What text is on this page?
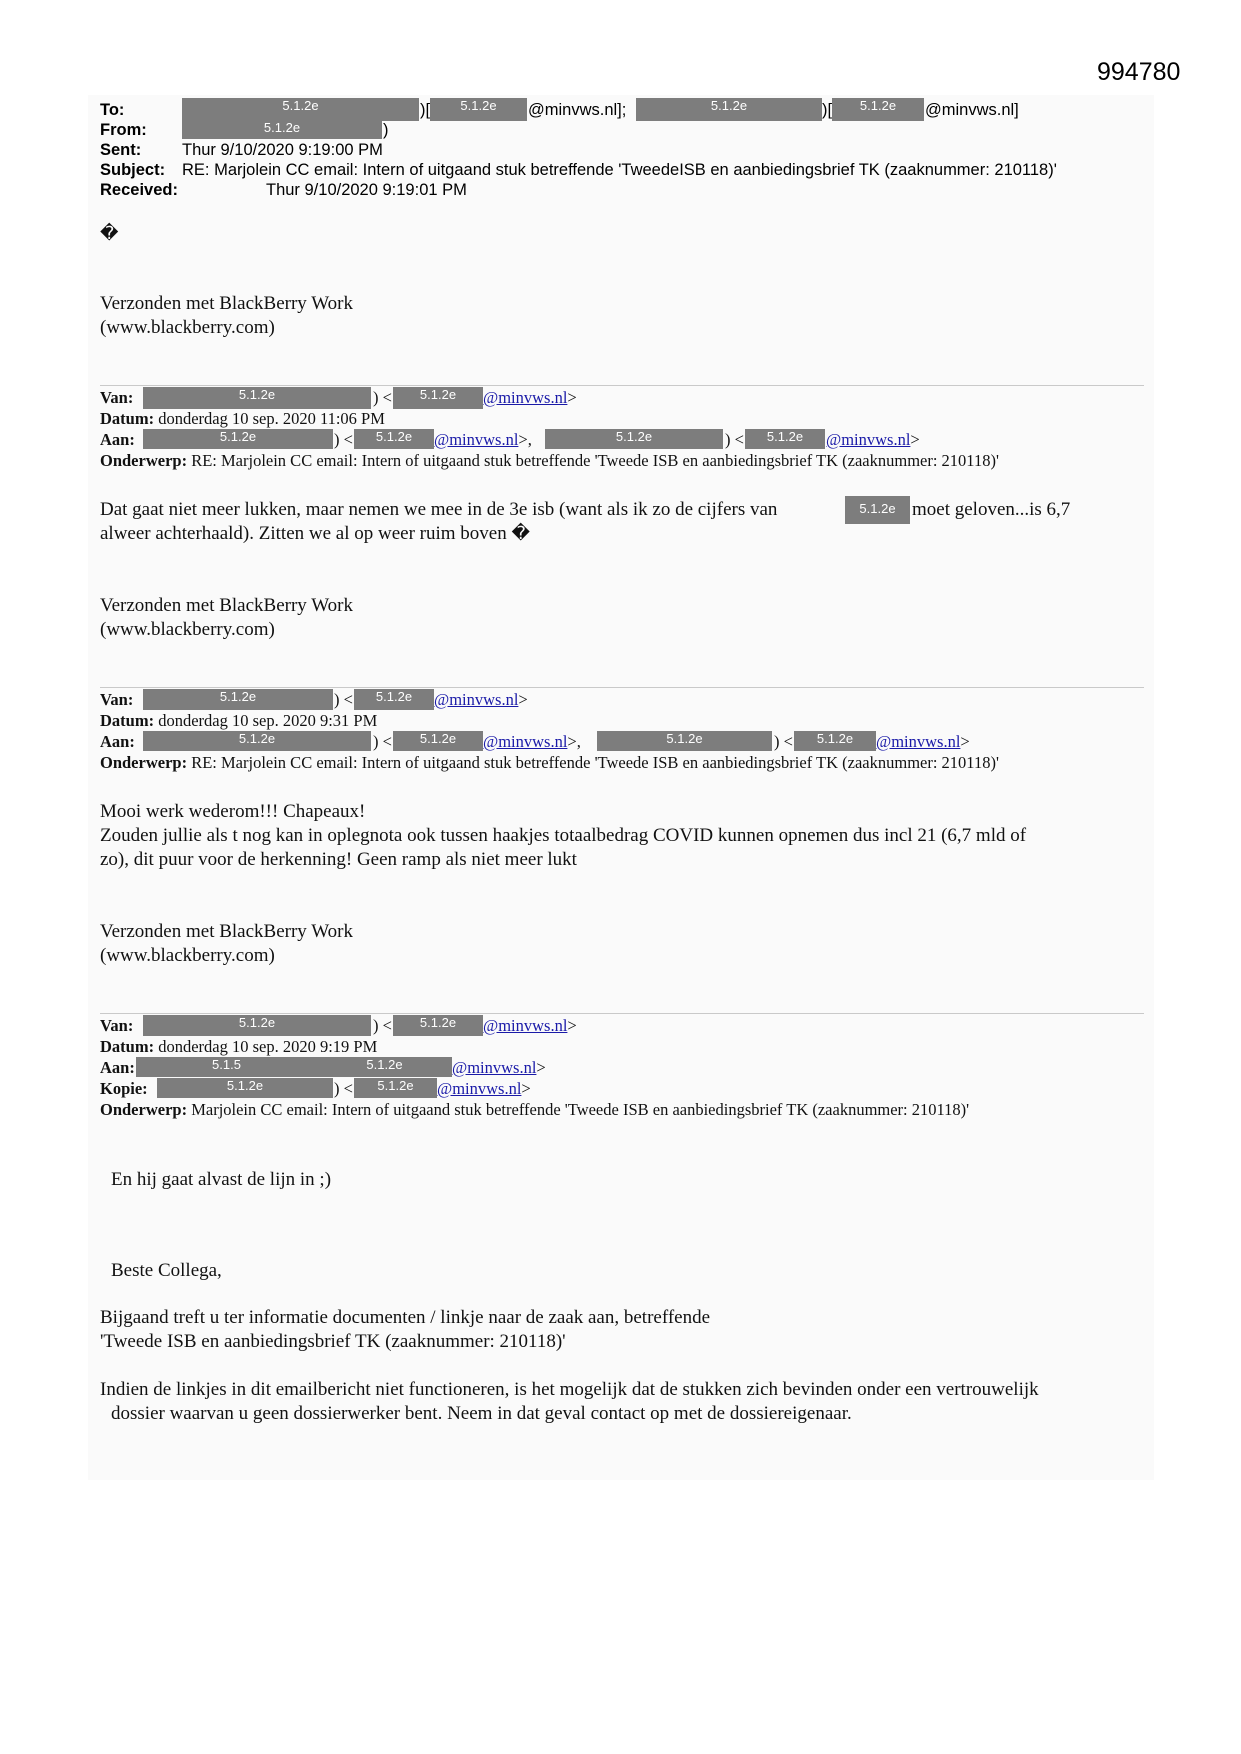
994780
To:	5.1.2e	)[	5.1.2e	@minvws.nl];	5.1.2e	)[	5.1.2e	@minvws.nl]
From:	5.1.2e	)
Sent: Thur 9/10/2020 9:19:00 PM
Subject: RE: Marjolein CC email: Intern of uitgaand stuk betreffende 'TweedeISB en aanbiedingsbrief TK (zaaknummer: 210118)'
Received:	Thur 9/10/2020 9:19:01 PM
�
Verzonden met BlackBerry Work
(www.blackberry.com)
Van:	5.1.2e	) <	5.1.2e	@minvws.nl>
Datum: donderdag 10 sep. 2020 11:06 PM
Aan:	5.1.2e	) <	5.1.2e	@minvws.nl>,	5.1.2e	) <	5.1.2e	@minvws.nl>
Onderwerp: RE: Marjolein CC email: Intern of uitgaand stuk betreffende 'Tweede ISB en aanbiedingsbrief TK (zaaknummer: 210118)'
Dat gaat niet meer lukken, maar nemen we mee in de 3e isb (want als ik zo de cijfers van	5.1.2e moet geloven...is 6,7
alweer achterhaald). Zitten we al op weer ruim boven �
Verzonden met BlackBerry Work
(www.blackberry.com)
Van:	5.1.2e	) <	5.1.2e	@minvws.nl>
Datum: donderdag 10 sep. 2020 9:31 PM
Aan:	5.1.2e	) <	5.1.2e	@minvws.nl>,	5.1.2e	) <	5.1.2e	@minvws.nl>
Onderwerp: RE: Marjolein CC email: Intern of uitgaand stuk betreffende 'Tweede ISB en aanbiedingsbrief TK (zaaknummer: 210118)'
Mooi werk wederom!!! Chapeaux!
Zouden jullie als t nog kan in oplegnota ook tussen haakjes totaalbedrag COVID kunnen opnemen dus incl 21 (6,7 mld of
zo), dit puur voor de herkenning! Geen ramp als niet meer lukt
Verzonden met BlackBerry Work
(www.blackberry.com)
Van:	5.1.2e	) <	5.1.2e	@minvws.nl>
Datum: donderdag 10 sep. 2020 9:19 PM
Aan:	5.1.5	5.1.2e	@minvws.nl>
Kopie:	5.1.2e	) <	5.1.2e	@minvws.nl>
Onderwerp: Marjolein CC email: Intern of uitgaand stuk betreffende 'Tweede ISB en aanbiedingsbrief TK (zaaknummer: 210118)'
En hij gaat alvast de lijn in ;)
Beste Collega,
Bijgaand treft u ter informatie documenten / linkje naar de zaak aan, betreffende
'Tweede ISB en aanbiedingsbrief TK (zaaknummer: 210118)'
Indien de linkjes in dit emailbericht niet functioneren, is het mogelijk dat de stukken zich bevinden onder een vertrouwelijk
dossier waarvan u geen dossierwerker bent. Neem in dat geval contact op met de dossiereigenaar.
